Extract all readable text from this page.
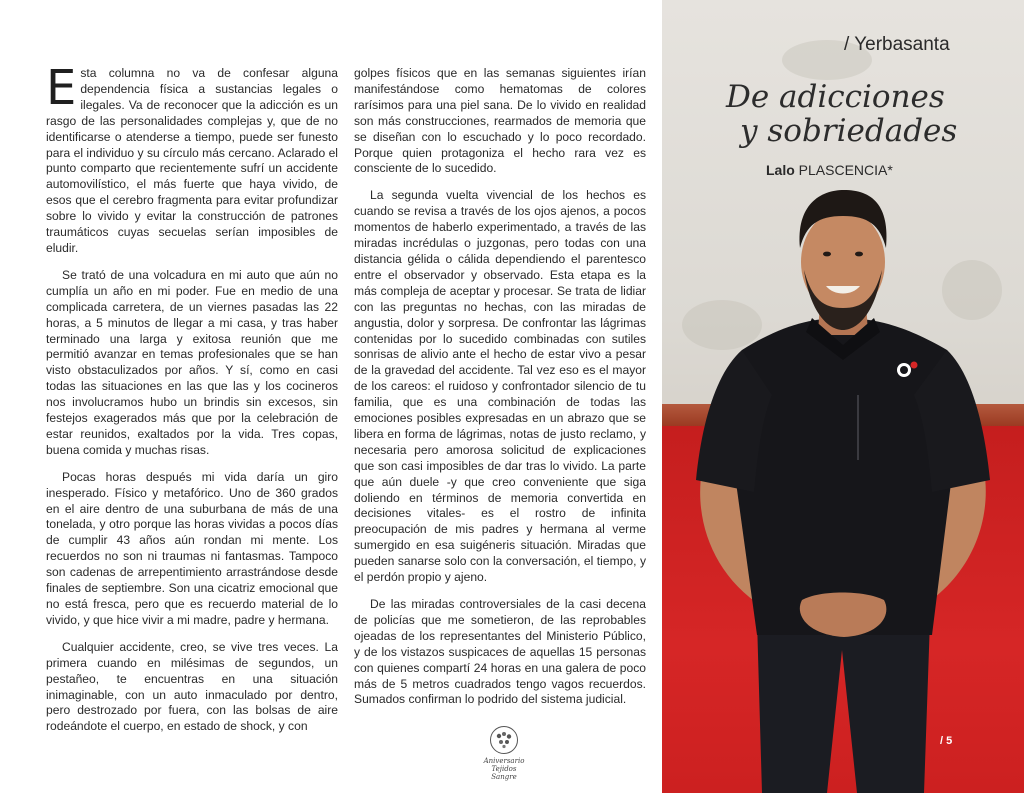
Esta columna no va de confesar alguna dependencia física a sustancias legales o ilegales. Va de reconocer que la adicción es un rasgo de las personalidades complejas y, que de no identificarse o atenderse a tiempo, puede ser funesto para el individuo y su círculo más cercano. Aclarado el punto comparto que recientemente sufrí un accidente automovilístico, el más fuerte que haya vivido, de esos que el cerebro fragmenta para evitar profundizar sobre lo vivido y evitar la construcción de patrones traumáticos cuyas secuelas serían imposibles de eludir.

Se trató de una volcadura en mi auto que aún no cumplía un año en mi poder. Fue en medio de una complicada carretera, de un viernes pasadas las 22 horas, a 5 minutos de llegar a mi casa, y tras haber terminado una larga y exitosa reunión que me permitió avanzar en temas profesionales que se han visto obstaculizados por años. Y sí, como en casi todas las situaciones en las que las y los cocineros nos involucramos hubo un brindis sin excesos, sin festejos exagerados más que por la celebración de estar reunidos, exaltados por la vida. Tres copas, buena comida y muchas risas.

Pocas horas después mi vida daría un giro inesperado. Físico y metafórico. Uno de 360 grados en el aire dentro de una suburbana de más de una tonelada, y otro porque las horas vividas a pocos días de cumplir 43 años aún rondan mi mente. Los recuerdos no son ni traumas ni fantasmas. Tampoco son cadenas de arrepentimiento arrastrándose desde finales de septiembre. Son una cicatriz emocional que no está fresca, pero que es recuerdo material de lo vivido, y que hice vivir a mi madre, padre y hermana.

Cualquier accidente, creo, se vive tres veces. La primera cuando en milésimas de segundos, un pestañeo, te encuentras en una situación inimaginable, con un auto inmaculado por dentro, pero destrozado por fuera, con las bolsas de aire rodeándote el cuerpo, en estado de shock, y con

golpes físicos que en las semanas siguientes irían manifestándose como hematomas de colores rarísimos para una piel sana. De lo vivido en realidad son más construcciones, rearmados de memoria que se diseñan con lo escuchado y lo poco recordado. Porque quien protagoniza el hecho rara vez es consciente de lo sucedido.

La segunda vuelta vivencial de los hechos es cuando se revisa a través de los ojos ajenos, a pocos momentos de haberlo experimentado, a través de las miradas incrédulas o juzgonas, pero todas con una distancia gélida o cálida dependiendo el parentesco entre el observador y observado. Esta etapa es la más compleja de aceptar y procesar. Se trata de lidiar con las preguntas no hechas, con las miradas de angustia, dolor y sorpresa. De confrontar las lágrimas contenidas por lo sucedido combinadas con sutiles sonrisas de alivio ante el hecho de estar vivo a pesar de la gravedad del accidente. Tal vez eso es el mayor de los careos: el ruidoso y confrontador silencio de tu familia, que es una combinación de todas las emociones posibles expresadas en un abrazo que se libera en forma de lágrimas, notas de justo reclamo, y necesaria pero amorosa solicitud de explicaciones que son casi imposibles de dar tras lo vivido. La parte que aún duele -y que creo conveniente que siga doliendo en términos de memoria convertida en decisiones vitales- es el rostro de infinita preocupación de mis padres y hermana al verme sumergido en esa suigéneris situación. Miradas que pueden sanarse solo con la conversación, el tiempo, y el perdón propio y ajeno.

De las miradas controversiales de la casi decena de policías que me sometieron, de las reprobables ojeadas de los representantes del Ministerio Público, y de los vistazos suspicaces de aquellas 15 personas con quienes compartí 24 horas en una galera de poco más de 5 metros cuadrados tengo vagos recuerdos. Sumados confirman lo podrido del sistema judicial.

Aniversario
Tejidos Sangre
/ Yerbasanta
De adicciones
y sobriedades
Lalo PLASCENCIA*
/ 5
